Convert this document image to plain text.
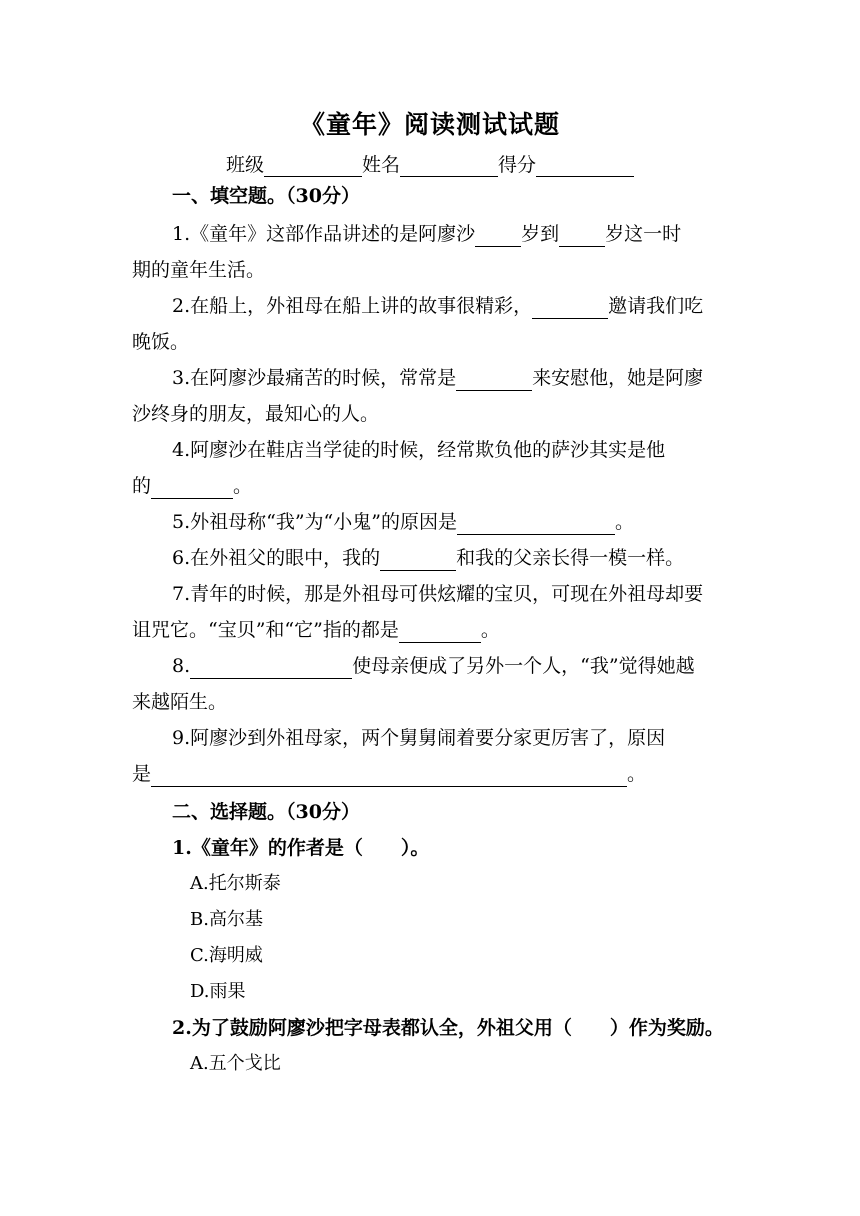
《童年》阅读测试试题
班级	姓名	得分
一、填空题。（30分）
1.《童年》这部作品讲述的是阿廖沙 岁到 岁这一时
期的童年生活。
2.在船上，外祖母在船上讲的故事很精彩，	邀请我们吃
晚饭。
3.在阿廖沙最痛苦的时候，常常是	来安慰他，她是阿廖
沙终身的朋友，最知心的人。
4.阿廖沙在鞋店当学徒的时候，经常欺负他的萨沙其实是他
的	。
5.外祖母称“我”为“小鬼”的原因是	。
6.在外祖父的眼中，我的	和我的父亲长得一模一样。
7.青年的时候，那是外祖母可供炫耀的宝贝，可现在外祖母却要
诅咒它。“宝贝”和“它”指的都是	。
8.	使母亲便成了另外一个人，“我”觉得她越
来越陌生。
9.阿廖沙到外祖母家，两个舅舅闹着要分家更厉害了，原因
是	。
二、选择题。（30分）
1.《童年》的作者是（　　）。
A.托尔斯泰
B.高尔基
C.海明威
D.雨果
2.为了鼓励阿廖沙把字母表都认全，外祖父用（　　）作为奖励。
A.五个戈比
